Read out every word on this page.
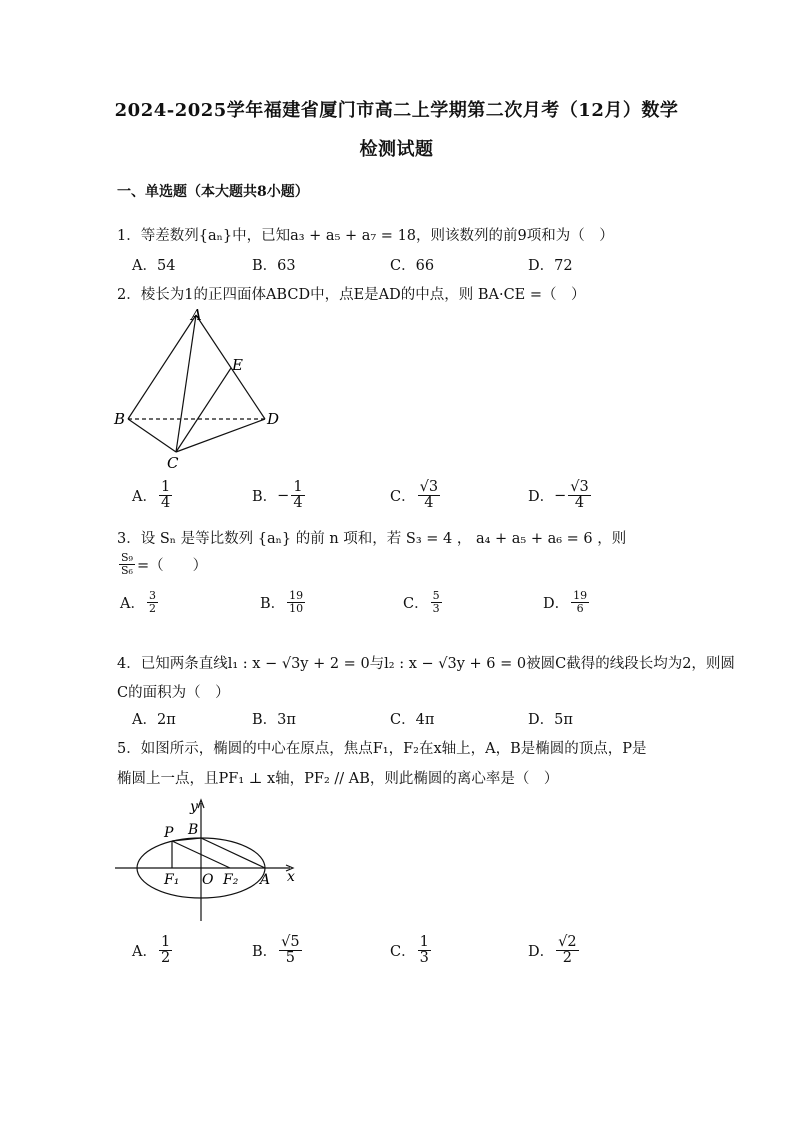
2024-2025学年福建省厦门市高二上学期第二次月考（12月）数学
检测试题
一、单选题（本大题共8小题）
1．等差数列{aₙ}中，已知a₃ + a₅ + a₇ = 18，则该数列的前9项和为（　）
A．54	B．63	C．66	D．72
2．棱长为1的正四面体ABCD中，点E是AD的中点，则 BA·CE =（　）
A
B
C
D
E
A． $\frac{1}{4}$	B． − $\frac{1}{4}$	C． $\frac{√3}{4}$	D． − $\frac{√3}{4}$
3．设 Sₙ 是等比数列 {aₙ} 的前 n 项和，若 S₃ = 4 ， a₄ + a₅ + a₆ = 6 ，则
$\frac{\text{S₉}}{\text{S₆}}$ =（　　）
A． $\frac{3}{2}$	B． $\frac{19}{10}$	C． $\frac{5}{3}$	D． $\frac{19}{6}$
4．已知两条直线l₁ : x − √3y + 2 = 0与l₂ : x − √3y + 6 = 0被圆C截得的线段长均为2，则圆
C的面积为（　）
A．2π	B．3π	C．4π	D．5π
5．如图所示，椭圆的中心在原点，焦点F₁，F₂在x轴上，A，B是椭圆的顶点，P是
椭圆上一点，且PF₁ ⊥ x轴，PF₂ // AB，则此椭圆的离心率是（　）
y
P B
F₁ O F₂ A x
A． $\frac{1}{2}$	B． $\frac{√5}{5}$	C． $\frac{1}{3}$	D． $\frac{√2}{2}$
